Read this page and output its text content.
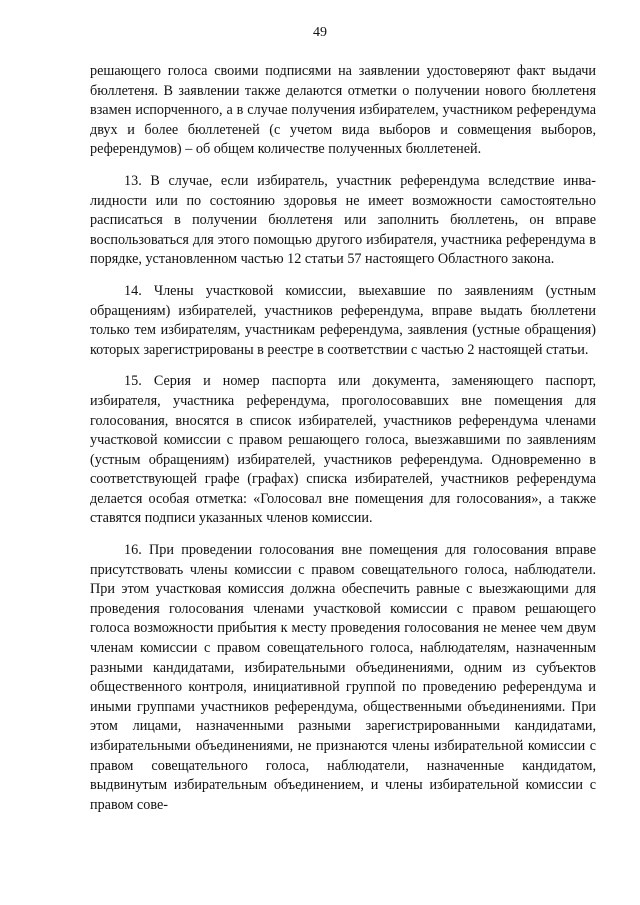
49

решающего голоса своими подписями на заявлении удостоверяют факт выдачи бюллетеня. В заявлении также делаются отметки о получении нового бюллетеня взамен испорченного, а в случае получения избирателем, участником референдума двух и более бюллетеней (с учетом вида выборов и совмещения выборов, референдумов) – об общем количестве полученных бюллетеней.

13. В случае, если избиратель, участник референдума вследствие инвалидности или по состоянию здоровья не имеет возможности самостоятельно расписаться в получении бюллетеня или заполнить бюллетень, он вправе воспользоваться для этого помощью другого избирателя, участника референдума в порядке, установленном частью 12 статьи 57 настоящего Областного закона.

14. Члены участковой комиссии, выехавшие по заявлениям (устным обращениям) избирателей, участников референдума, вправе выдать бюллетени только тем избирателям, участникам референдума, заявления (устные обращения) которых зарегистрированы в реестре в соответствии с частью 2 настоящей статьи.

15. Серия и номер паспорта или документа, заменяющего паспорт, избирателя, участника референдума, проголосовавших вне помещения для голосования, вносятся в список избирателей, участников референдума членами участковой комиссии с правом решающего голоса, выезжавшими по заявлениям (устным обращениям) избирателей, участников референдума. Одновременно в соответствующей графе (графах) списка избирателей, участников референдума делается особая отметка: «Голосовал вне помещения для голосования», а также ставятся подписи указанных членов комиссии.

16. При проведении голосования вне помещения для голосования вправе присутствовать члены комиссии с правом совещательного голоса, наблюдатели. При этом участковая комиссия должна обеспечить равные с выезжающими для проведения голосования членами участковой комиссии с правом решающего голоса возможности прибытия к месту проведения голосования не менее чем двум членам комиссии с правом совещательного голоса, наблюдателям, назначенным разными кандидатами, избирательными объединениями, одним из субъектов общественного контроля, инициативной группой по проведению референдума и иными группами участников референдума, общественными объединениями. При этом лицами, назначенными разными зарегистрированными кандидатами, избирательными объединениями, не признаются члены избирательной комиссии с правом совещательного голоса, наблюдатели, назначенные кандидатом, выдвинутым избирательным объединением, и члены избирательной комиссии с правом сове-
